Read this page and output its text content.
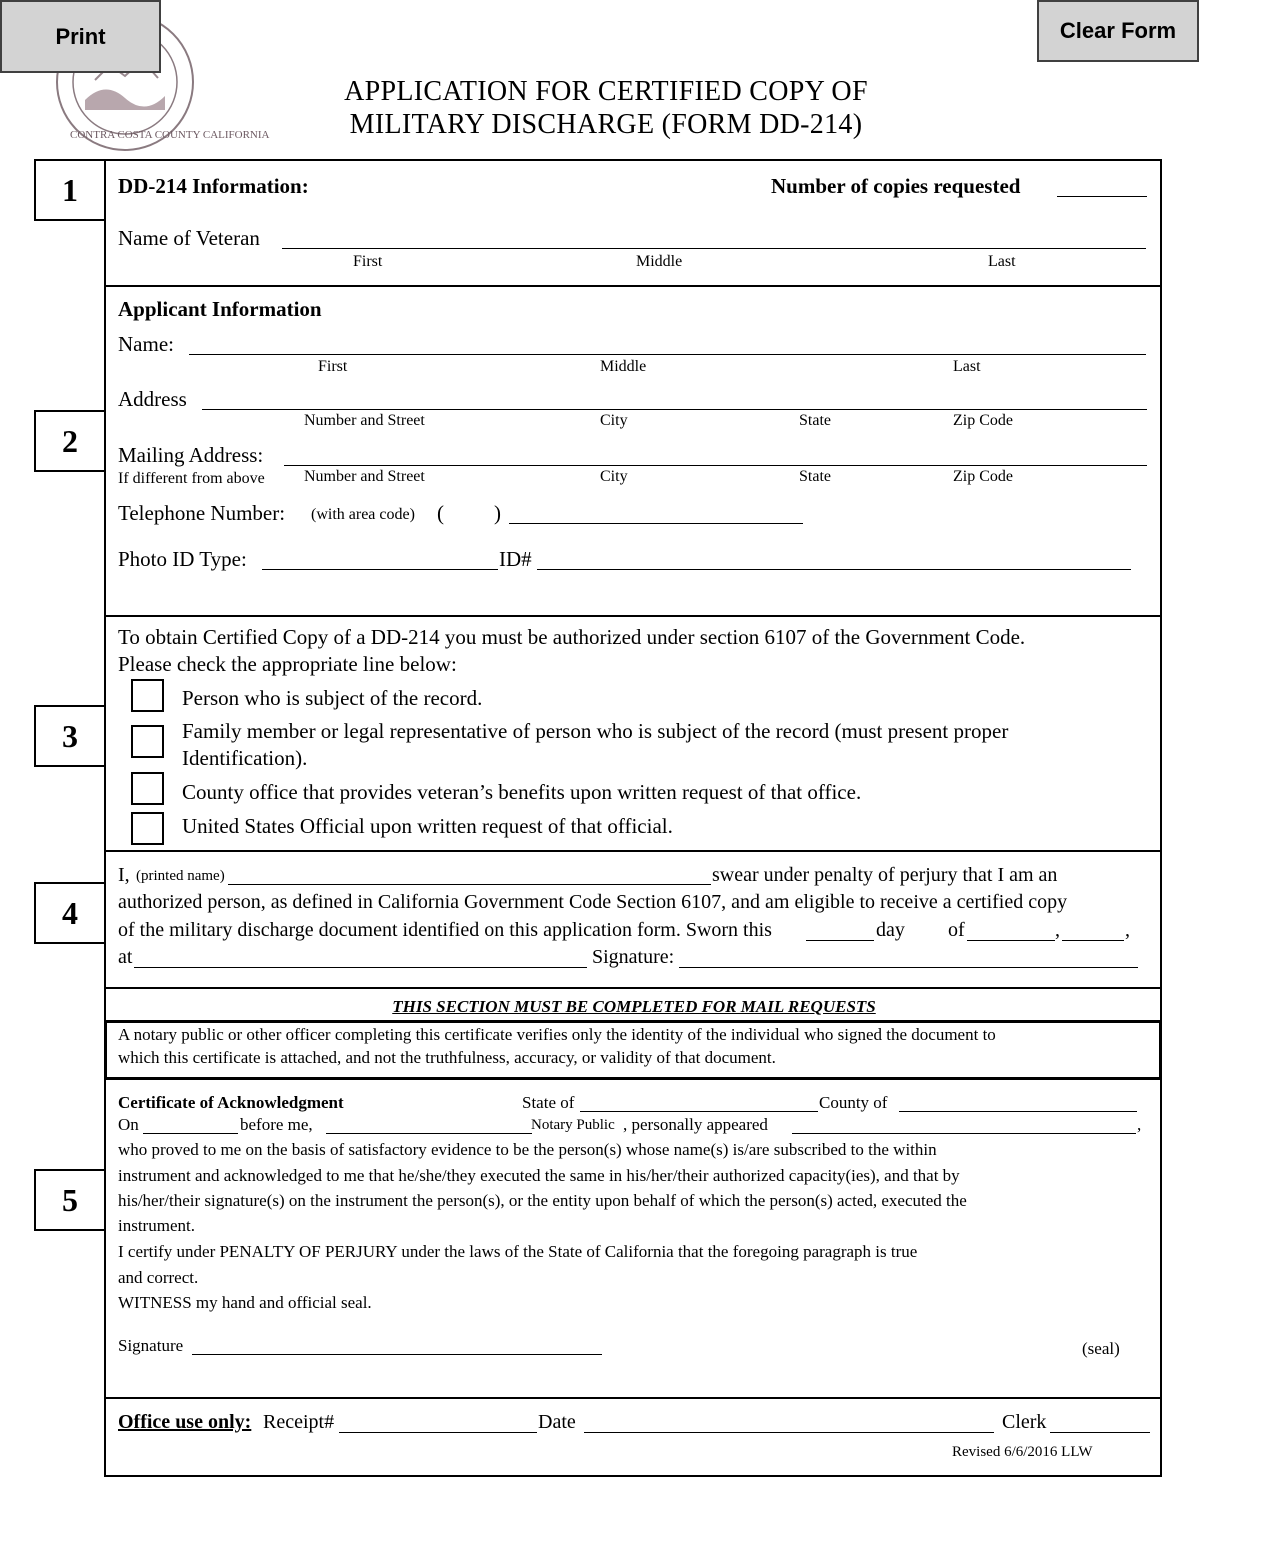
CONTRA COSTA COUNTY CALIFORNIA
Print	Clear Form
APPLICATION FOR CERTIFIED COPY OF
MILITARY DISCHARGE (FORM DD-214)
1
2
3
4
5
DD-214 Information:	Number of copies requested
Name of Veteran
First	Middle	Last
Applicant Information
Name:
First	Middle	Last
Address
Number and Street	City	State	Zip Code
Mailing Address:
If different from above Number and Street	City	State	Zip Code
Telephone Number: (with area code) ( )
Photo ID Type:	ID#
To obtain Certified Copy of a DD-214 you must be authorized under section 6107 of the Government Code.
Please check the appropriate line below:
Person who is subject of the record.
Family member or legal representative of person who is subject of the record (must present proper
Identification).
County office that provides veteran’s benefits upon written request of that office.
United States Official upon written request of that official.
I, (printed name)	swear under penalty of perjury that I am an
authorized person, as defined in California Government Code Section 6107, and am eligible to receive a certified copy
of the military discharge document identified on this application form. Sworn this	day of	,	,
at	Signature:
THIS SECTION MUST BE COMPLETED FOR MAIL REQUESTS
A notary public or other officer completing this certificate verifies only the identity of the individual who signed the document to
which this certificate is attached, and not the truthfulness, accuracy, or validity of that document.
Certificate of Acknowledgment	State of	County of
On	before me,	Notary Public , personally appeared	,
who proved to me on the basis of satisfactory evidence to be the person(s) whose name(s) is/are subscribed to the within
instrument and acknowledged to me that he/she/they executed the same in his/her/their authorized capacity(ies), and that by
his/her/their signature(s) on the instrument the person(s), or the entity upon behalf of which the person(s) acted, executed the
instrument.
I certify under PENALTY OF PERJURY under the laws of the State of California that the foregoing paragraph is true
and correct.
WITNESS my hand and official seal.
Signature	(seal)
Office use only: Receipt#	Date	Clerk
Revised 6/6/2016 LLW
